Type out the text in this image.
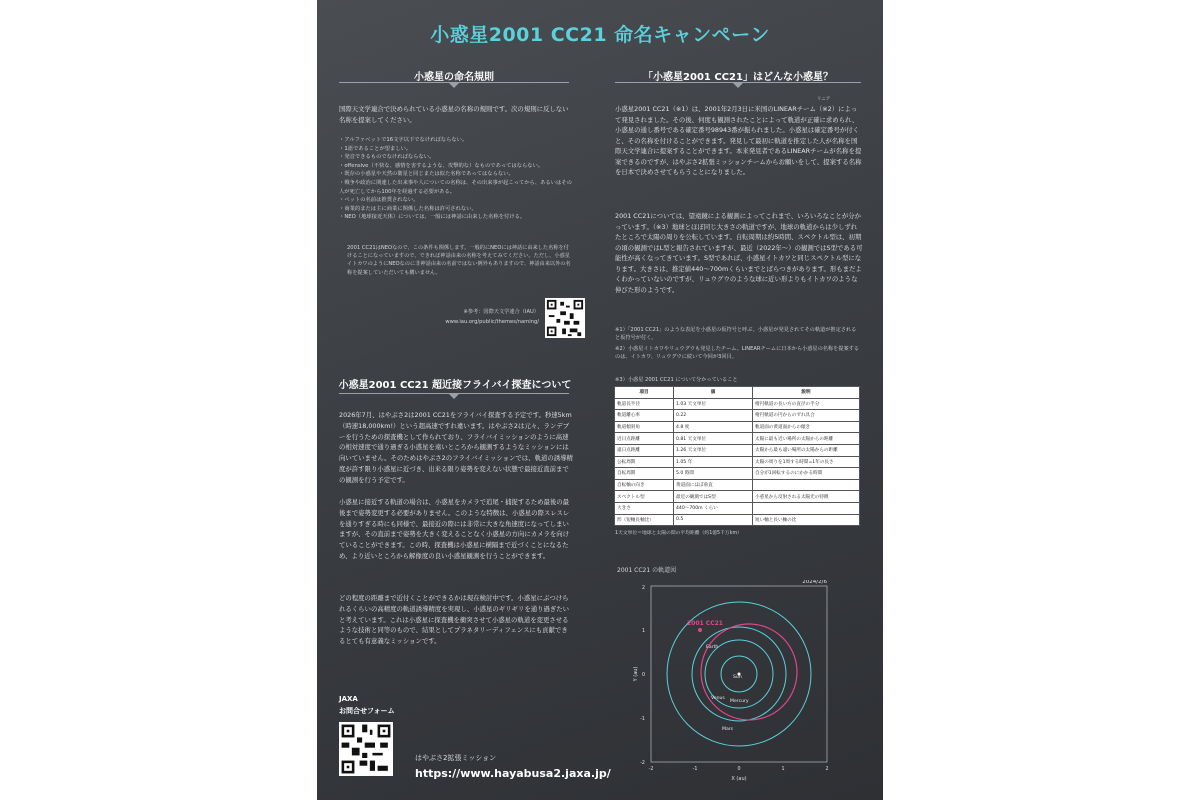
小惑星2001 CC21 命名キャンペーン
小惑星の命名規則

国際天文学連合で決められている小惑星の名称の規則です。次の規則に反しない名称を提案してください。

・ アルファベットで16文字以下でなければならない。
・ 1語であることが望ましい。
・ 発音できるものでなければならない。
・ offensive（不快な、感情を害するような、攻撃的な）なものであってはならない。
・ 既存の小惑星や天然の衛星と同じまたは似た名称であってはならない。
・ 戦争や政治に関連した出来事や人についての名称は、その出来事が起こってから、あるいはその人が死亡してから100年を経過する必要がある。
・ ペットの名前は推奨されない。
・ 商業的または主に商業に関係した名称は許可されない。
・ NEO（地球接近天体）については、一般には神話に由来した名称を付ける。

2001 CC21はNEOなので、この条件も関係します。一般的にNEOには神話に由来した名称を付けることになっていますので、できれば神話由来の名称を考えてみてください。ただし、小惑星イトカワのようにNEOなのに非神話由来の名前ではない例外もありますので、神話由来以外の名称を提案していただいても構いません。

※参考：国際天文学連合（IAU）
www.iau.org/public/themes/naming/
小惑星2001 CC21 超近接フライバイ探査について

2026年7月、はやぶさ2は2001 CC21をフライバイ探査する予定です。秒速5km（時速18,000km!）という超高速ですれ違います。はやぶさ2は元々、ランデブーを行うための探査機として作られており、フライバイミッションのように高速の相対速度で通り過ぎる小惑星を遠いところから観測するようなミッションには向いていません。そのためはやぶさ2のフライバイミッションでは、軌道の誘導精度が許す限り小惑星に近づき、出来る限り姿勢を変えない状態で最接近直前までの観測を行う予定です。

小惑星に接近する軌道の場合は、小惑星をカメラで追尾・捕捉するため最後の最後まで姿勢変更する必要がありません。このような特徴は、小惑星の際スレスレを通りすぎる時にも同様で、最接近の際には非常に大きな角速度になってしまいますが、その直前まで姿勢を大きく変えることなく小惑星の方向にカメラを向けていることができます。この時、探査機は小惑星に横隔まで近づくことになるため、より近いところから解像度の良い小惑星観測を行うことができます。

どの程度の距離まで近付くことができるかは現在検討中です。小惑星にぶつけられるくらいの高精度の軌道誘導精度を実現し、小惑星のギリギリを通り過ぎたいと考えています。これは小惑星に探査機を衝突させて小惑星の軌道を変更させるような技術と同等のもので、結果としてプラネタリーディフェンスにも貢献できるとても有意義なミッションです。

JAXA
お問合せフォーム
はやぶさ2拡張ミッション
https://www.hayabusa2.jaxa.jp/
「小惑星2001 CC21」はどんな小惑星？
リニア

小惑星2001 CC21（※1）は、2001年2月3日に米国のLINEARチーム（※2）によって発見されました。その後、何度も観測されたことによって軌道が正確に求められ、小惑星の通し番号である確定番号98943番が振られました。小惑星は確定番号が付くと、その名称を付けることができます。発見して最初に軌道を推定した人が名称を国際天文学連合に提案することができます。本来発見者であるLINEARチームが名称を提案できるのですが、はやぶさ2拡張ミッションチームからお願いをして、提案する名称を日本で決めさせてもらうことになりました。

2001 CC21については、望遠鏡による観測によってこれまで、いろいろなことが分かっています。（※3）地球とほぼ同じ大きさの軌道ですが、地球の軌道からは少しずれたところで太陽の周りを公転しています。自転周期は約5時間、スペクトル型は、初期の頃の観測ではL型と報告されていますが、最近（2022年～）の観測ではS型である可能性が高くなってきています。S型であれば、小惑星イトカワと同じスペクトル型になります。大きさは、推定値440～700mくらいまでとばらつきがあります。形もまだよくわかっていないのですが、リュウグウのような球に近い形よりもイトカワのような伸びた形のようです。

※1）「2001 CC21」のような表記を小惑星の仮符号と呼ぶ。小惑星が発見されてその軌道が推定されると仮符号が付く。

※2）小惑星イトカワやリュウグウも発見したチーム。LINEARチームに日本から小惑星の名称を提案するのは、イトカワ、リュウグウに続いて今回が3回目。

※3）小惑星 2001 CC21 について分かっていること
項目	値	説明
軌道長半径	1.03 天文単位	楕円軌道の長い方の直径の半分
軌道離心率	0.22	楕円軌道の円からのずれ具合
軌道傾斜角	4.8 度	軌道面の黄道面からの傾き
近日点距離	0.81 天文単位	太陽に最も近い場所の太陽からの距離
遠日点距離	1.26 天文単位	太陽から最も遠い場所の太陽からの距離
公転周期	1.05 年	太陽の周りを1周する時間=1年の長さ
自転周期	5.0 時間	自分が1回転するのにかかる時間
自転軸の向き	黄道面にほぼ垂直	
スペクトル型	最近の観測ではS型	小惑星から反射される太陽光の特徴
大きさ	440～700m くらい	
形（短軸長軸比）	0.5	短い軸と長い軸の比
1天文単位＝地球と太陽の間の平均距離（約1億5千万km）
2001 CC21 の軌道図
2024/2/6
2001 CC21
Earth
Sun
Venus
Mercury
Mars
-2	-1	0	1	2
-2
-1
0
1
2
X (au)
Y (au)
